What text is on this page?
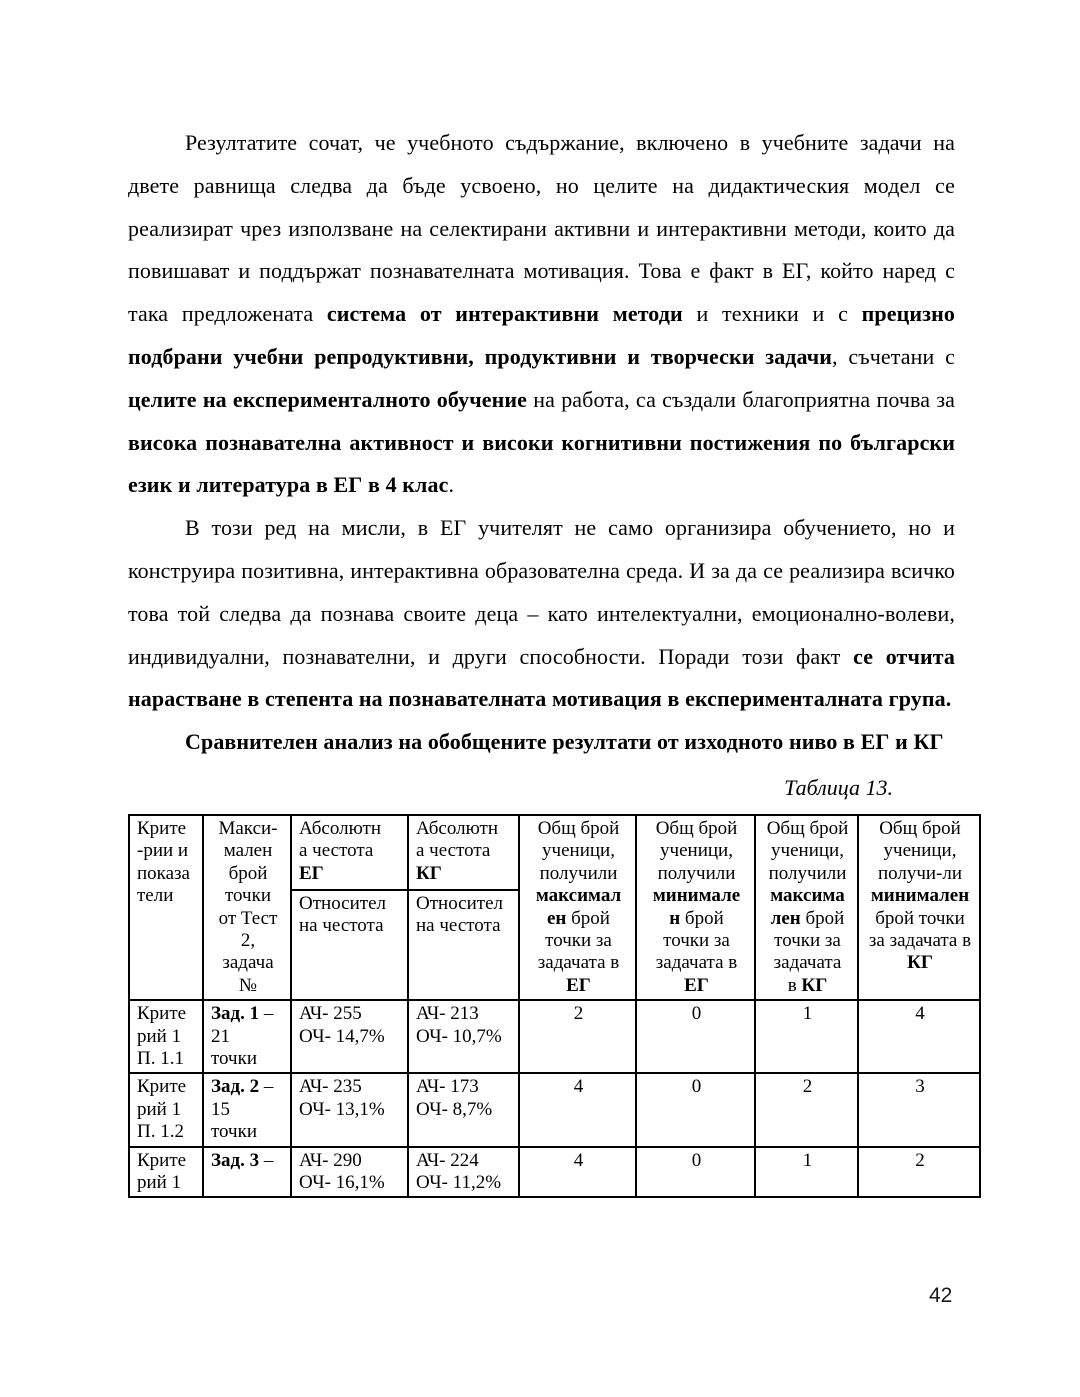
Резултатите сочат, че учебното съдържание, включено в учебните задачи на двете равнища следва да бъде усвоено, но целите на дидактическия модел се реализират чрез използване на селектирани активни и интерактивни методи, които да повишават и поддържат познавателната мотивация. Това е факт в ЕГ, който наред с така предложената система от интерактивни методи и техники и с прецизно подбрани учебни репродуктивни, продуктивни и творчески задачи, съчетани с целите на експерименталното обучение на работа, са създали благоприятна почва за висока познавателна активност и високи когнитивни постижения по български език и литература в ЕГ в 4 клас.

В този ред на мисли, в ЕГ учителят не само организира обучението, но и конструира позитивна, интерактивна образователна среда. И за да се реализира всичко това той следва да познава своите деца – като интелектуални, емоционално-волеви, индивидуални, познавателни, и други способности. Поради този факт се отчита нарастване в степента на познавателната мотивация в експерименталната група.

Сравнителен анализ на обобщените резултати от изходното ниво в ЕГ и КГ

Таблица 13.
Крите
-рии и
показа
тели

Макси-
мален
брой
точки
от Тест
2,
задача
№

Абсолютн
а честота
ЕГ
Относител
на честота

Абсолютн
а честота
КГ
Относител
на честота

Общ брой
ученици,
получили
максимал
ен брой
точки за
задачата в
ЕГ

Общ брой
ученици,
получили
минимале
н брой
точки за
задачата в
ЕГ

Общ брой
ученици,
получили
максима
лен брой
точки за
задачата
в КГ

Общ брой
ученици,
получи-ли
минимален
брой точки
за задачата в
КГ

Крите
рий 1
П. 1.1

Зад. 1 –
21
точки

АЧ- 255
ОЧ- 14,7%

АЧ- 213
ОЧ- 10,7%

2	0	1	4

Крите
рий 1
П. 1.2

Зад. 2 –
15
точки

АЧ- 235
ОЧ- 13,1%

АЧ- 173
ОЧ- 8,7%

4	0	2	3

Крите
рий 1

Зад. 3 –	АЧ- 290
ОЧ- 16,1%

АЧ- 224
ОЧ- 11,2%

4	0	1	2
42
